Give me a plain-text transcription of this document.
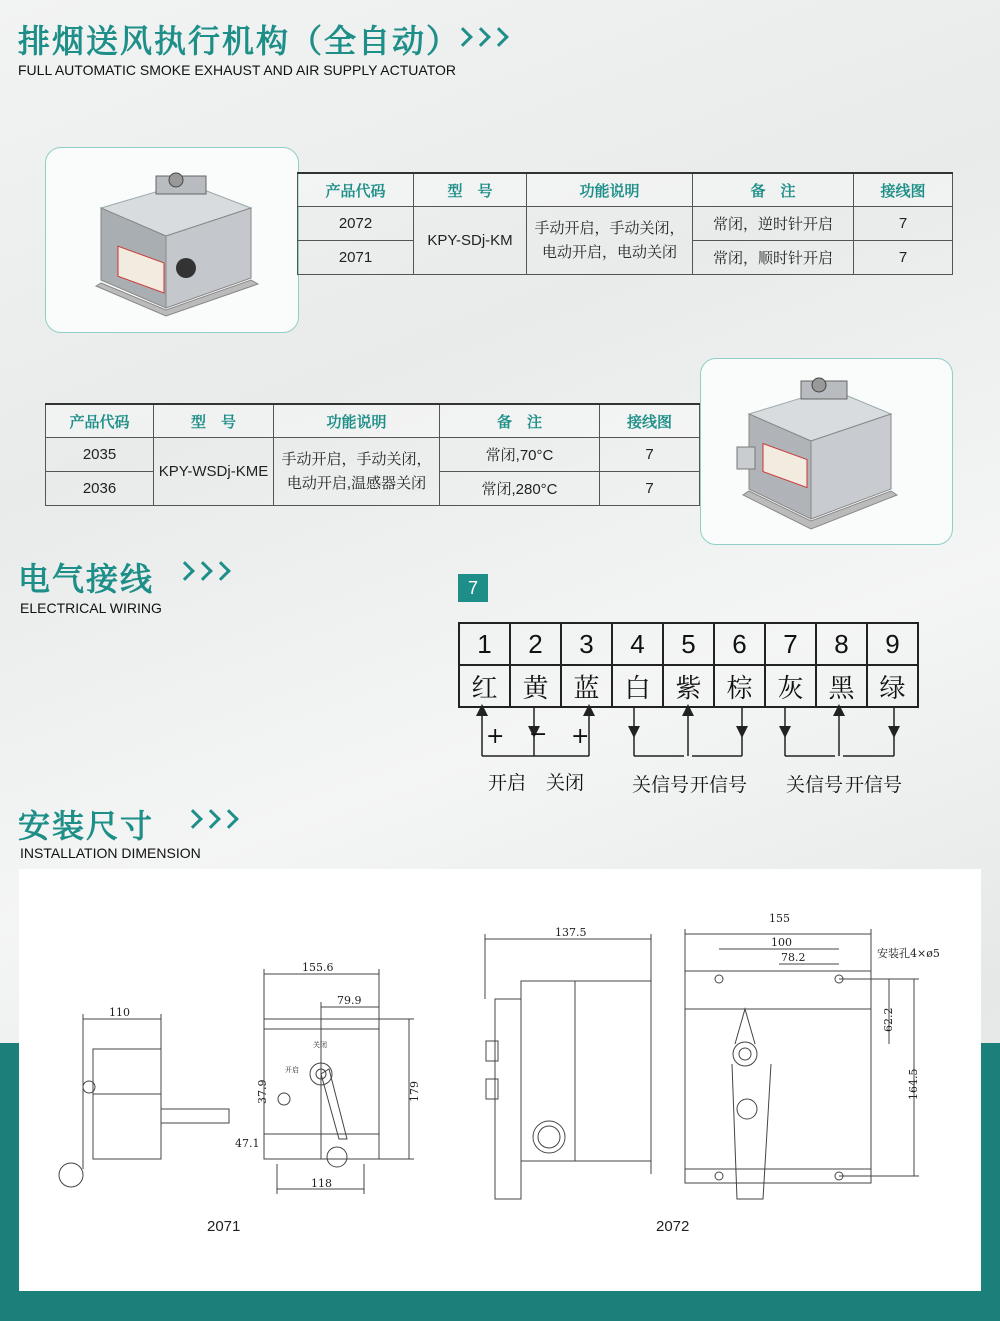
排烟送风执行机构（全自动）
FULL AUTOMATIC SMOKE EXHAUST AND AIR SUPPLY ACTUATOR
产品代码	型　号	功能说明	备　注	接线图
2072	KPY-SDj-KM	手动开启，手动关闭，
电动开启，电动关闭	常闭，逆时针开启	7
2071			常闭，顺时针开启	7
产品代码	型　号	功能说明	备　注	接线图
2035	KPY-WSDj-KME	手动开启，手动关闭，
电动开启,温感器关闭	常闭,70°C	7
2036			常闭,280°C	7
电气接线
ELECTRICAL WIRING
7
1	2	3	4	5	6	7	8	9
红	黄	蓝	白	紫	棕	灰	黑	绿
+ − +
开启 关闭	关信号 开信号 关信号 开信号
安装尺寸
INSTALLATION DIMENSION
110
155.6
79.9
179
37.9
47.1
118
关闭
开启
137.5
155
100
78.2	安装孔4×ø5
62.2
164.5
2071	2072
